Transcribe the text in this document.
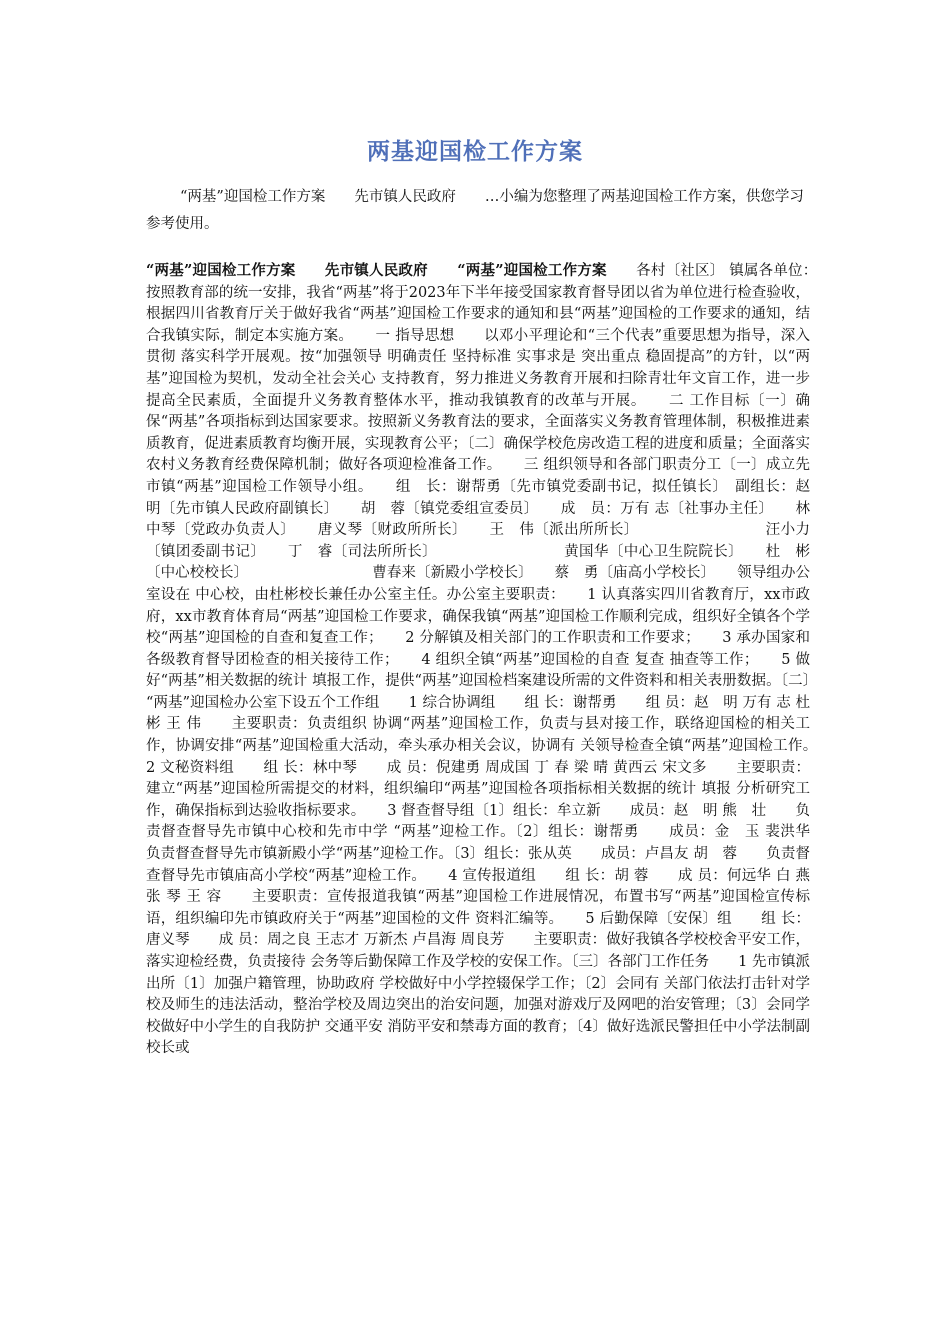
两基迎国检工作方案

“两基”迎国检工作方案　　先市镇人民政府　　…小编为您整理了两基迎国检工作方案，供您学习参考使用。

“两基”迎国检工作方案　　先市镇人民政府　　“两基”迎国检工作方案　　各村〔社区〕 镇属各单位：　　按照教育部的统一安排，我省“两基”将于2023年下半年接受国家教育督导团以省为单位进行检查验收，根据四川省教育厅关于做好我省“两基”迎国检工作要求的通知和县“两基”迎国检的工作要求的通知，结合我镇实际，制定本实施方案。　　一 指导思想　　以邓小平理论和“三个代表”重要思想为指导，深入贯彻 落实科学开展观。按“加强领导 明确责任 坚持标准 实事求是 突出重点 稳固提高”的方针，以“两基”迎国检为契机，发动全社会关心 支持教育，努力推进义务教育开展和扫除青壮年文盲工作，进一步提高全民素质，全面提升义务教育整体水平，推动我镇教育的改革与开展。　　二 工作目标〔一〕确保“两基”各项指标到达国家要求。按照新义务教育法的要求，全面落实义务教育管理体制，积极推进素质教育，促进素质教育均衡开展，实现教育公平；〔二〕确保学校危房改造工程的进度和质量；全面落实农村义务教育经费保障机制；做好各项迎检准备工作。　　三 组织领导和各部门职责分工〔一〕成立先市镇“两基”迎国检工作领导小组。　　组　长：谢帮勇〔先市镇党委副书记，拟任镇长〕　副组长：赵　明〔先市镇人民政府副镇长〕　　胡　蓉〔镇党委组宣委员〕　　成　员：万有 志〔社事办主任〕　　林中琴〔党政办负责人〕　　唐义琴〔财政所所长〕　　王　伟〔派出所所长〕　　　　　　　　　汪小力〔镇团委副书记〕　　丁　睿〔司法所所长〕　　　　　　　　　黄国华〔中心卫生院院长〕　　杜　彬〔中心校校长〕　　　　　　　　　曹春来〔新殿小学校长〕　　蔡　勇〔庙高小学校长〕　　领导组办公室设在 中心校，由杜彬校长兼任办公室主任。办公室主要职责：　　1 认真落实四川省教育厅，xx市政府，xx市教育体育局“两基”迎国检工作要求，确保我镇“两基”迎国检工作顺利完成，组织好全镇各个学校“两基”迎国检的自查和复查工作；　　2 分解镇及相关部门的工作职责和工作要求；　　3 承办国家和各级教育督导团检查的相关接待工作；　　4 组织全镇“两基”迎国检的自查 复查 抽查等工作；　　5 做好“两基”相关数据的统计 填报工作，提供“两基”迎国检档案建设所需的文件资料和相关表册数据。〔二〕　“两基”迎国检办公室下设五个工作组　　1 综合协调组　　组 长：谢帮勇　　组 员：赵　明 万有 志 杜 彬 王 伟　　主要职责：负责组织 协调“两基”迎国检工作，负责与县对接工作，联络迎国检的相关工作，协调安排“两基”迎国检重大活动，牵头承办相关会议，协调有 关领导检查全镇“两基”迎国检工作。　　2 文秘资料组　　组 长：林中琴　　成 员：倪建勇 周成国 丁 春 梁 晴 黄西云 宋文多　　主要职责：建立“两基”迎国检所需提交的材料，组织编印“两基”迎国检各项指标相关数据的统计 填报 分析研究工作，确保指标到达验收指标要求。　　3 督查督导组〔1〕组长：牟立新　　成员：赵　明 熊　壮　　负责督查督导先市镇中心校和先市中学 “两基”迎检工作。〔2〕组长：谢帮勇　　成员：金　玉 裴洪华　　负责督查督导先市镇新殿小学“两基”迎检工作。〔3〕组长：张从英　　成员：卢昌友 胡　蓉　　负责督查督导先市镇庙高小学校“两基”迎检工作。　　4 宣传报道组　　组 长：胡 蓉　　成 员：何远华 白 燕 张 琴 王 容　　主要职责：宣传报道我镇“两基”迎国检工作进展情况，布置书写“两基”迎国检宣传标语，组织编印先市镇政府关于“两基”迎国检的文件 资料汇编等。　　5 后勤保障〔安保〕组　　组 长：唐义琴　　成 员：周之良 王志才 万新杰 卢昌海 周良芳　　主要职责：做好我镇各学校校舍平安工作，落实迎检经费，负责接待 会务等后勤保障工作及学校的安保工作。〔三〕各部门工作任务　　1 先市镇派出所〔1〕加强户籍管理，协助政府 学校做好中小学控辍保学工作；〔2〕会同有 关部门依法打击针对学校及师生的违法活动，整治学校及周边突出的治安问题，加强对游戏厅及网吧的治安管理；〔3〕会同学校做好中小学生的自我防护 交通平安 消防平安和禁毒方面的教育；〔4〕做好选派民警担任中小学法制副校长或
